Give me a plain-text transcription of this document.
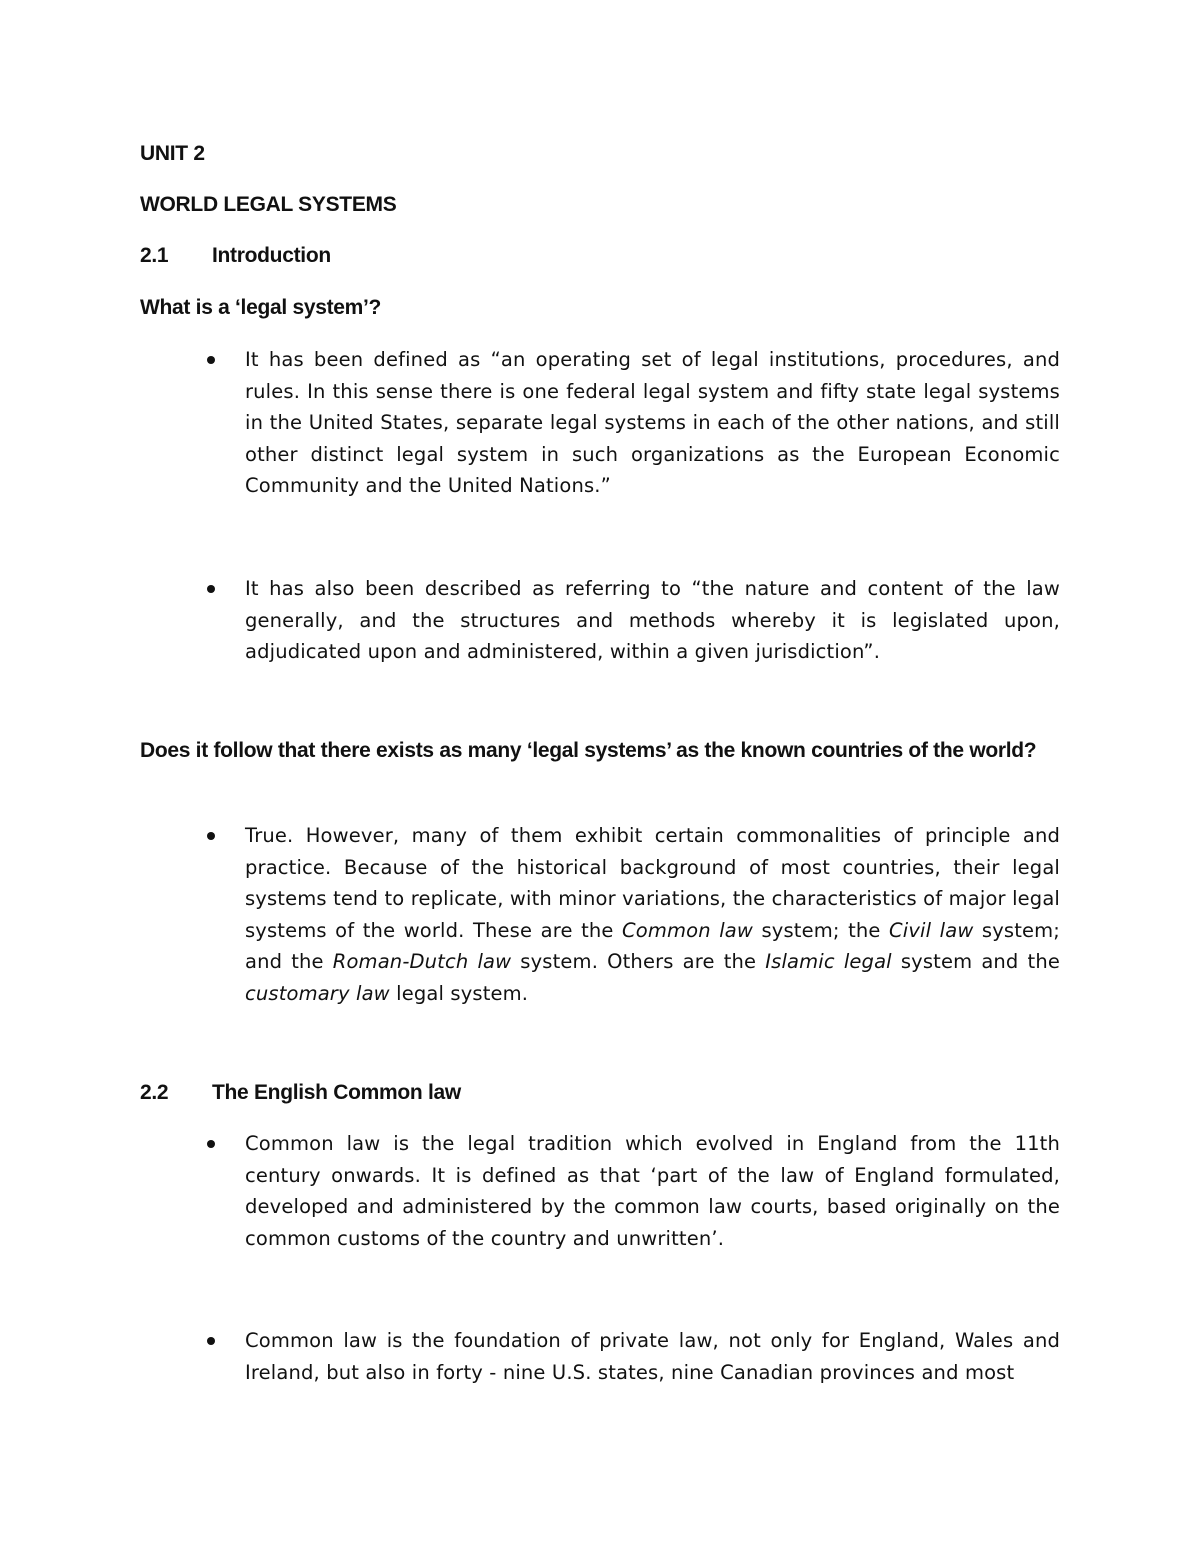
UNIT 2
WORLD LEGAL SYSTEMS
2.1 Introduction
What is a ‘legal system’?

It has been defined as “an operating set of legal institutions, procedures, and rules. In this sense there is one federal legal system and fifty state legal systems in the United States, separate legal systems in each of the other nations, and still other distinct legal system in such organizations as the European Economic Community and the United Nations.”

It has also been described as referring to “the nature and content of the law generally, and the structures and methods whereby it is legislated upon, adjudicated upon and administered, within a given jurisdiction”.

Does it follow that there exists as many ‘legal systems’ as the known countries of the world?

True. However, many of them exhibit certain commonalities of principle and practice. Because of the historical background of most countries, their legal systems tend to replicate, with minor variations, the characteristics of major legal systems of the world. These are the Common law system; the Civil law system; and the Roman-Dutch law system. Others are the Islamic legal system and the customary law legal system.

2.2 The English Common law

Common law is the legal tradition which evolved in England from the 11th century onwards. It is defined as that ‘part of the law of England formulated, developed and administered by the common law courts, based originally on the common customs of the country and unwritten’.

Common law is the foundation of private law, not only for England, Wales and Ireland, but also in forty - nine U.S. states, nine Canadian provinces and most
